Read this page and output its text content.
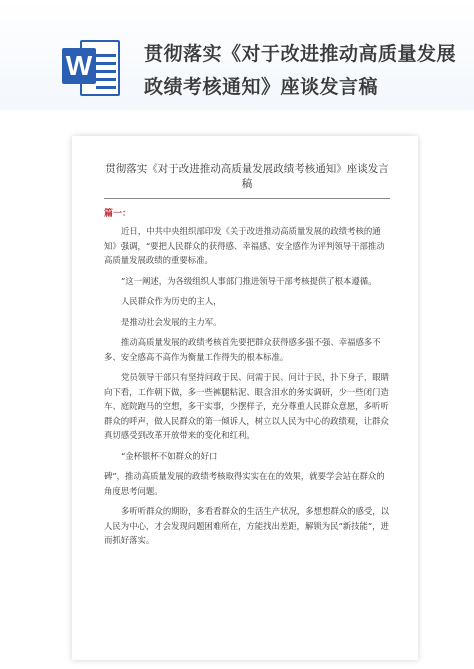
W	贯彻落实《对于改进推动高质量发展政绩考核通知》座谈发言稿
贯彻落实《对于改进推动高质量发展政绩考核通知》座谈发言稿
篇一：

近日，中共中央组织部印发《关于改进推动高质量发展的政绩考核的通知》强调，“要把人民群众的获得感、幸福感、安全感作为评判领导干部推动高质量发展政绩的重要标准。

”这一阐述，为各级组织人事部门推进领导干部考核提供了根本遵循。

人民群众作为历史的主人，

是推动社会发展的主力军。

推动高质量发展的政绩考核首先要把群众获得感多强不强、幸福感多不多、安全感高不高作为衡量工作得失的根本标准。

党员领导干部只有坚持问政于民、问需于民、问计于民，扑下身子，眼睛向下看，工作朝下做，多一些裤腿粘泥、眼含泪水的务实调研，少一些闭门造车、庭院跑马的空想，多干实事，少摆样子，充分尊重人民群众意愿，多听听群众的呼声，做人民群众的第一倾诉人，树立以人民为中心的政绩观，让群众真切感受到改革开放带来的变化和红利。

“金杯银杯不如群众的好口

碑”，推动高质量发展的政绩考核取得实实在在的效果，就要学会站在群众的角度思考问题。

多听听群众的期盼，多看看群众的生活生产状况，多想想群众的感受，以人民为中心，才会发现问题困难所在，方能找出差距，解锁为民“新技能”，进而抓好落实。
